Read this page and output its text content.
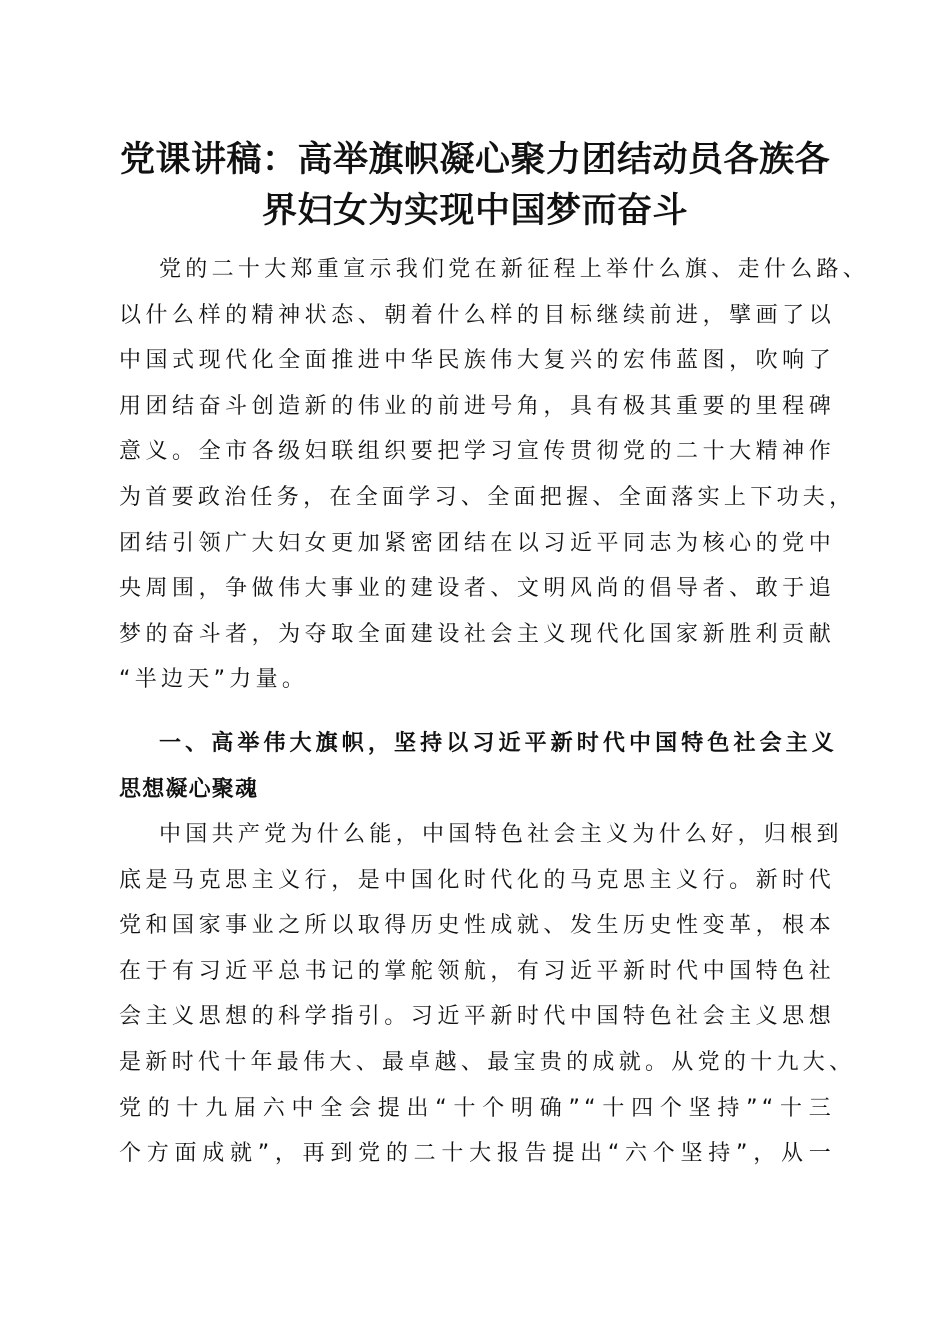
党课讲稿：高举旗帜凝心聚力团结动员各族各
界妇女为实现中国梦而奋斗
党的二十大郑重宣示我们党在新征程上举什么旗、走什么路、
以什么样的精神状态、朝着什么样的目标继续前进，擘画了以
中国式现代化全面推进中华民族伟大复兴的宏伟蓝图，吹响了
用团结奋斗创造新的伟业的前进号角，具有极其重要的里程碑
意义。全市各级妇联组织要把学习宣传贯彻党的二十大精神作
为首要政治任务，在全面学习、全面把握、全面落实上下功夫，
团结引领广大妇女更加紧密团结在以习近平同志为核心的党中
央周围，争做伟大事业的建设者、文明风尚的倡导者、敢于追
梦的奋斗者，为夺取全面建设社会主义现代化国家新胜利贡献
“半边天”力量。
一、高举伟大旗帜，坚持以习近平新时代中国特色社会主义
思想凝心聚魂
中国共产党为什么能，中国特色社会主义为什么好，归根到
底是马克思主义行，是中国化时代化的马克思主义行。新时代
党和国家事业之所以取得历史性成就、发生历史性变革，根本
在于有习近平总书记的掌舵领航，有习近平新时代中国特色社
会主义思想的科学指引。习近平新时代中国特色社会主义思想
是新时代十年最伟大、最卓越、最宝贵的成就。从党的十九大、
党的十九届六中全会提出“十个明确”“十四个坚持”“十三
个方面成就”，再到党的二十大报告提出“六个坚持”，从一
